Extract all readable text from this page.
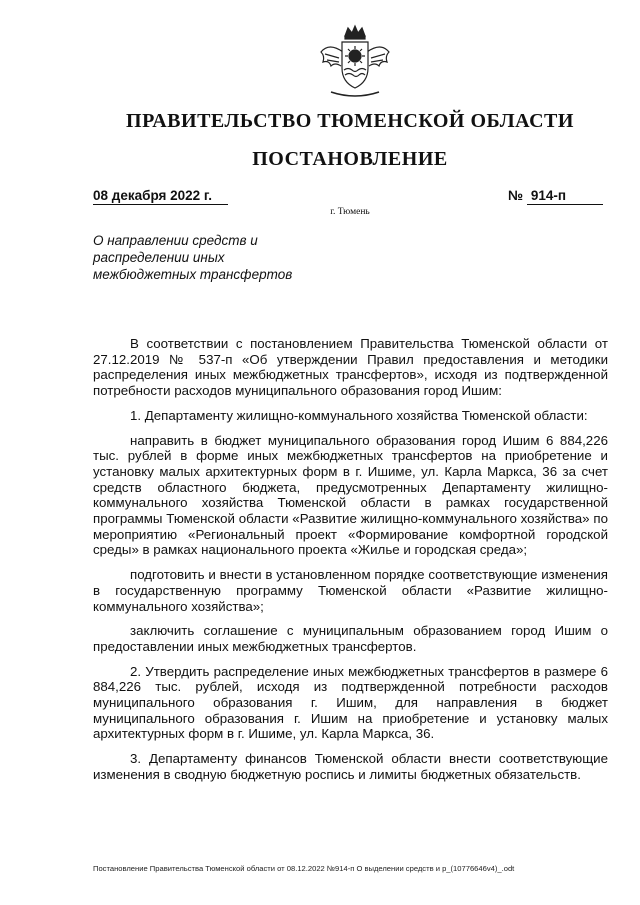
ПРАВИТЕЛЬСТВО ТЮМЕНСКОЙ ОБЛАСТИ
ПОСТАНОВЛЕНИЕ
08 декабря 2022 г.	№ 914-п
г. Тюмень
О направлении средств и
распределении иных
межбюджетных трансфертов

В соответствии с постановлением Правительства Тюменской области от 27.12.2019 № 537-п «Об утверждении Правил предоставления и методики распределения иных межбюджетных трансфертов», исходя из подтвержденной потребности расходов муниципального образования город Ишим:

1. Департаменту жилищно-коммунального хозяйства Тюменской области:

направить в бюджет муниципального образования город Ишим 6 884,226 тыс. рублей в форме иных межбюджетных трансфертов на приобретение и установку малых архитектурных форм в г. Ишиме, ул. Карла Маркса, 36 за счет средств областного бюджета, предусмотренных Департаменту жилищно-коммунального хозяйства Тюменской области в рамках государственной программы Тюменской области «Развитие жилищно-коммунального хозяйства» по мероприятию «Региональный проект «Формирование комфортной городской среды» в рамках национального проекта «Жилье и городская среда»;

подготовить и внести в установленном порядке соответствующие изменения в государственную программу Тюменской области «Развитие жилищно-коммунального хозяйства»;

заключить соглашение с муниципальным образованием город Ишим о предоставлении иных межбюджетных трансфертов.

2. Утвердить распределение иных межбюджетных трансфертов в размере 6 884,226 тыс. рублей, исходя из подтвержденной потребности расходов муниципального образования г. Ишим, для направления в бюджет муниципального образования г. Ишим на приобретение и установку малых архитектурных форм в г. Ишиме, ул. Карла Маркса, 36.

3. Департаменту финансов Тюменской области внести соответствующие изменения в сводную бюджетную роспись и лимиты бюджетных обязательств.

Постановление Правительства Тюменской области от 08.12.2022 №914-п О выделении средств и р_(10776646v4)_.odt
